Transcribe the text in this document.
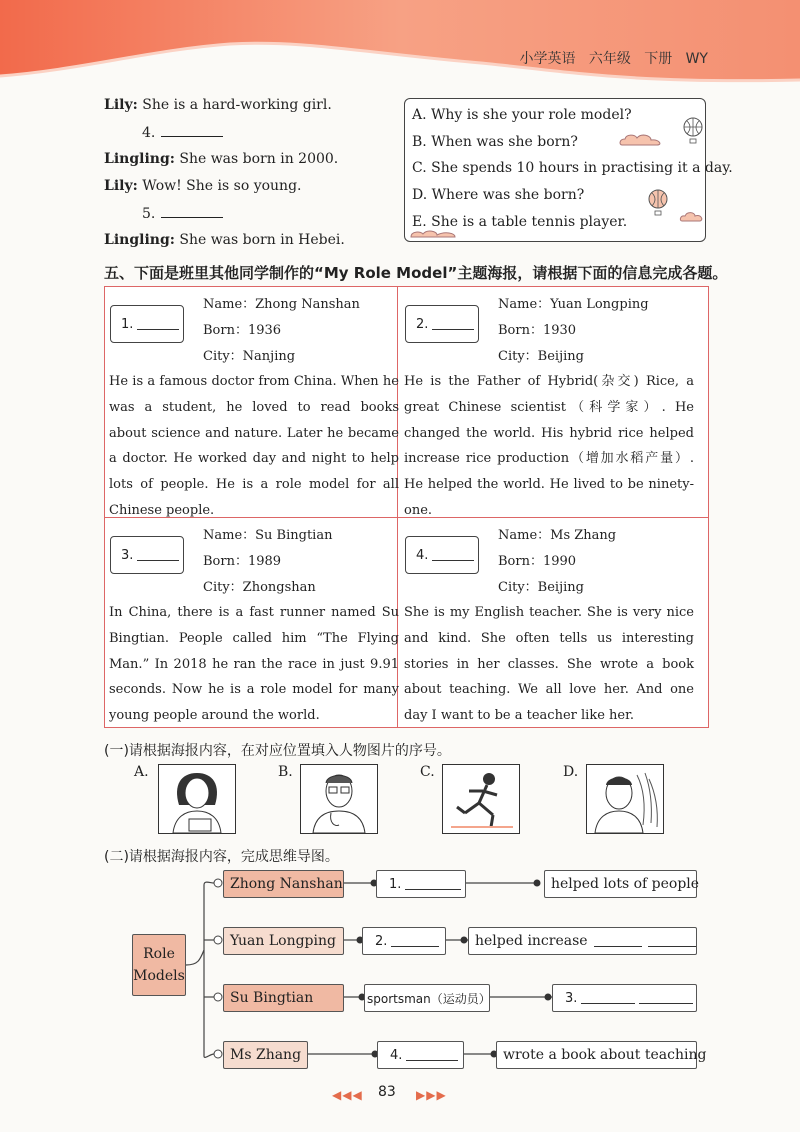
小学英语 六年级 下册 WY
Lily: She is a hard-working girl.
4.
Lingling: She was born in 2000.
Lily: Wow! She is so young.
5.
Lingling: She was born in Hebei.
A. Why is she your role model?
B. When was she born?
C. She spends 10 hours in practising it a day.
D. Where was she born?
E. She is a table tennis player.
五、下面是班里其他同学制作的“My Role Model”主题海报，请根据下面的信息完成各题。
1.
Name：Zhong Nanshan
Born：1936
City：Nanjing
He is a famous doctor from China. When he was a student, he loved to read books about science and nature. Later he became a doctor. He worked day and night to help lots of people. He is a role model for all Chinese people.
2.
Name：Yuan Longping
Born：1930
City：Beijing
He is the Father of Hybrid(杂交) Rice, a great Chinese scientist（科学家）. He changed the world. His hybrid rice helped increase rice production（增加水稻产量）. He helped the world. He lived to be ninety-one.
3.
Name：Su Bingtian
Born：1989
City：Zhongshan
In China, there is a fast runner named Su Bingtian. People called him “The Flying Man.” In 2018 he ran the race in just 9.91 seconds. Now he is a role model for many young people around the world.
4.
Name：Ms Zhang
Born：1990
City：Beijing
She is my English teacher. She is very nice and kind. She often tells us interesting stories in her classes. She wrote a book about teaching. We all love her. And one day I want to be a teacher like her.
(一)请根据海报内容，在对应位置填入人物图片的序号。
A.	B.	C.	D.
(二)请根据海报内容，完成思维导图。
Role
Models
Zhong Nanshan	1.	helped lots of people
Yuan Longping	2.	helped increase
Su Bingtian	sportsman（运动员）	3.
Ms Zhang	4.	wrote a book about teaching
◀◀◀ 83 ▶▶▶
